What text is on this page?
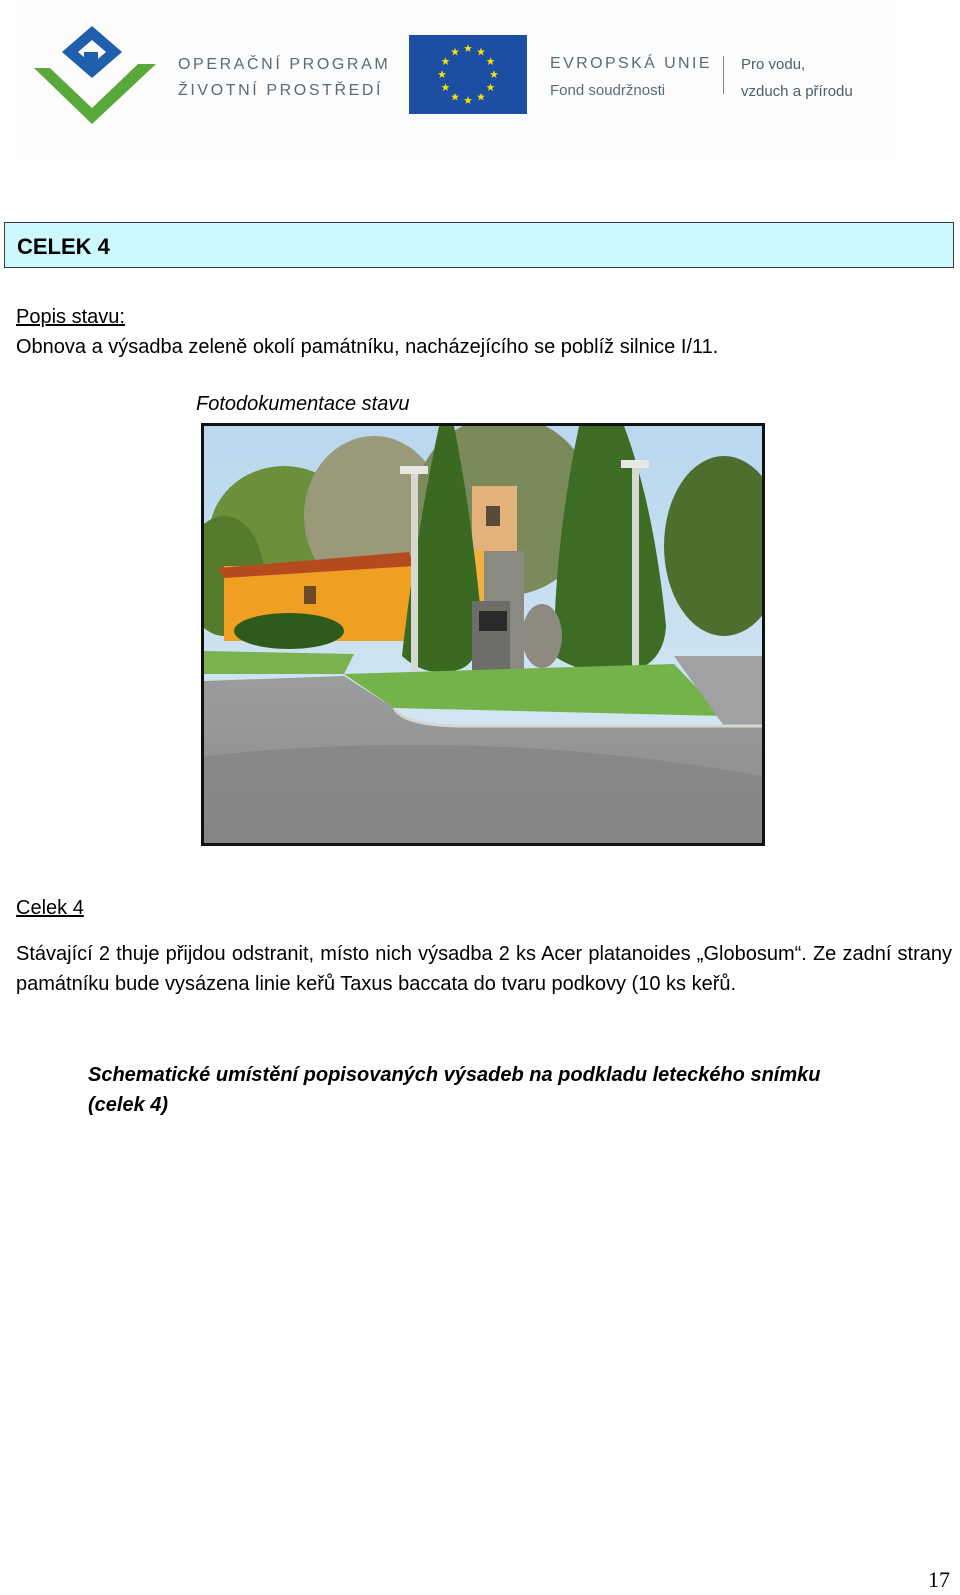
OPERAČNÍ PROGRAM
ŽIVOTNÍ PROSTŘEDÍ
EVROPSKÁ UNIE
Fond soudržnosti
Pro vodu,
vzduch a přírodu
CELEK 4
Popis stavu:
Obnova a výsadba zeleně okolí památníku, nacházejícího se poblíž silnice I/11.
Fotodokumentace stavu
Celek 4
Stávající 2 thuje přijdou odstranit, místo nich výsadba 2 ks Acer platanoides „Globosum“. Ze zadní strany památníku bude vysázena linie keřů Taxus baccata do tvaru podkovy (10 ks keřů.
Schematické umístění popisovaných výsadeb na podkladu leteckého snímku
(celek 4)
17
